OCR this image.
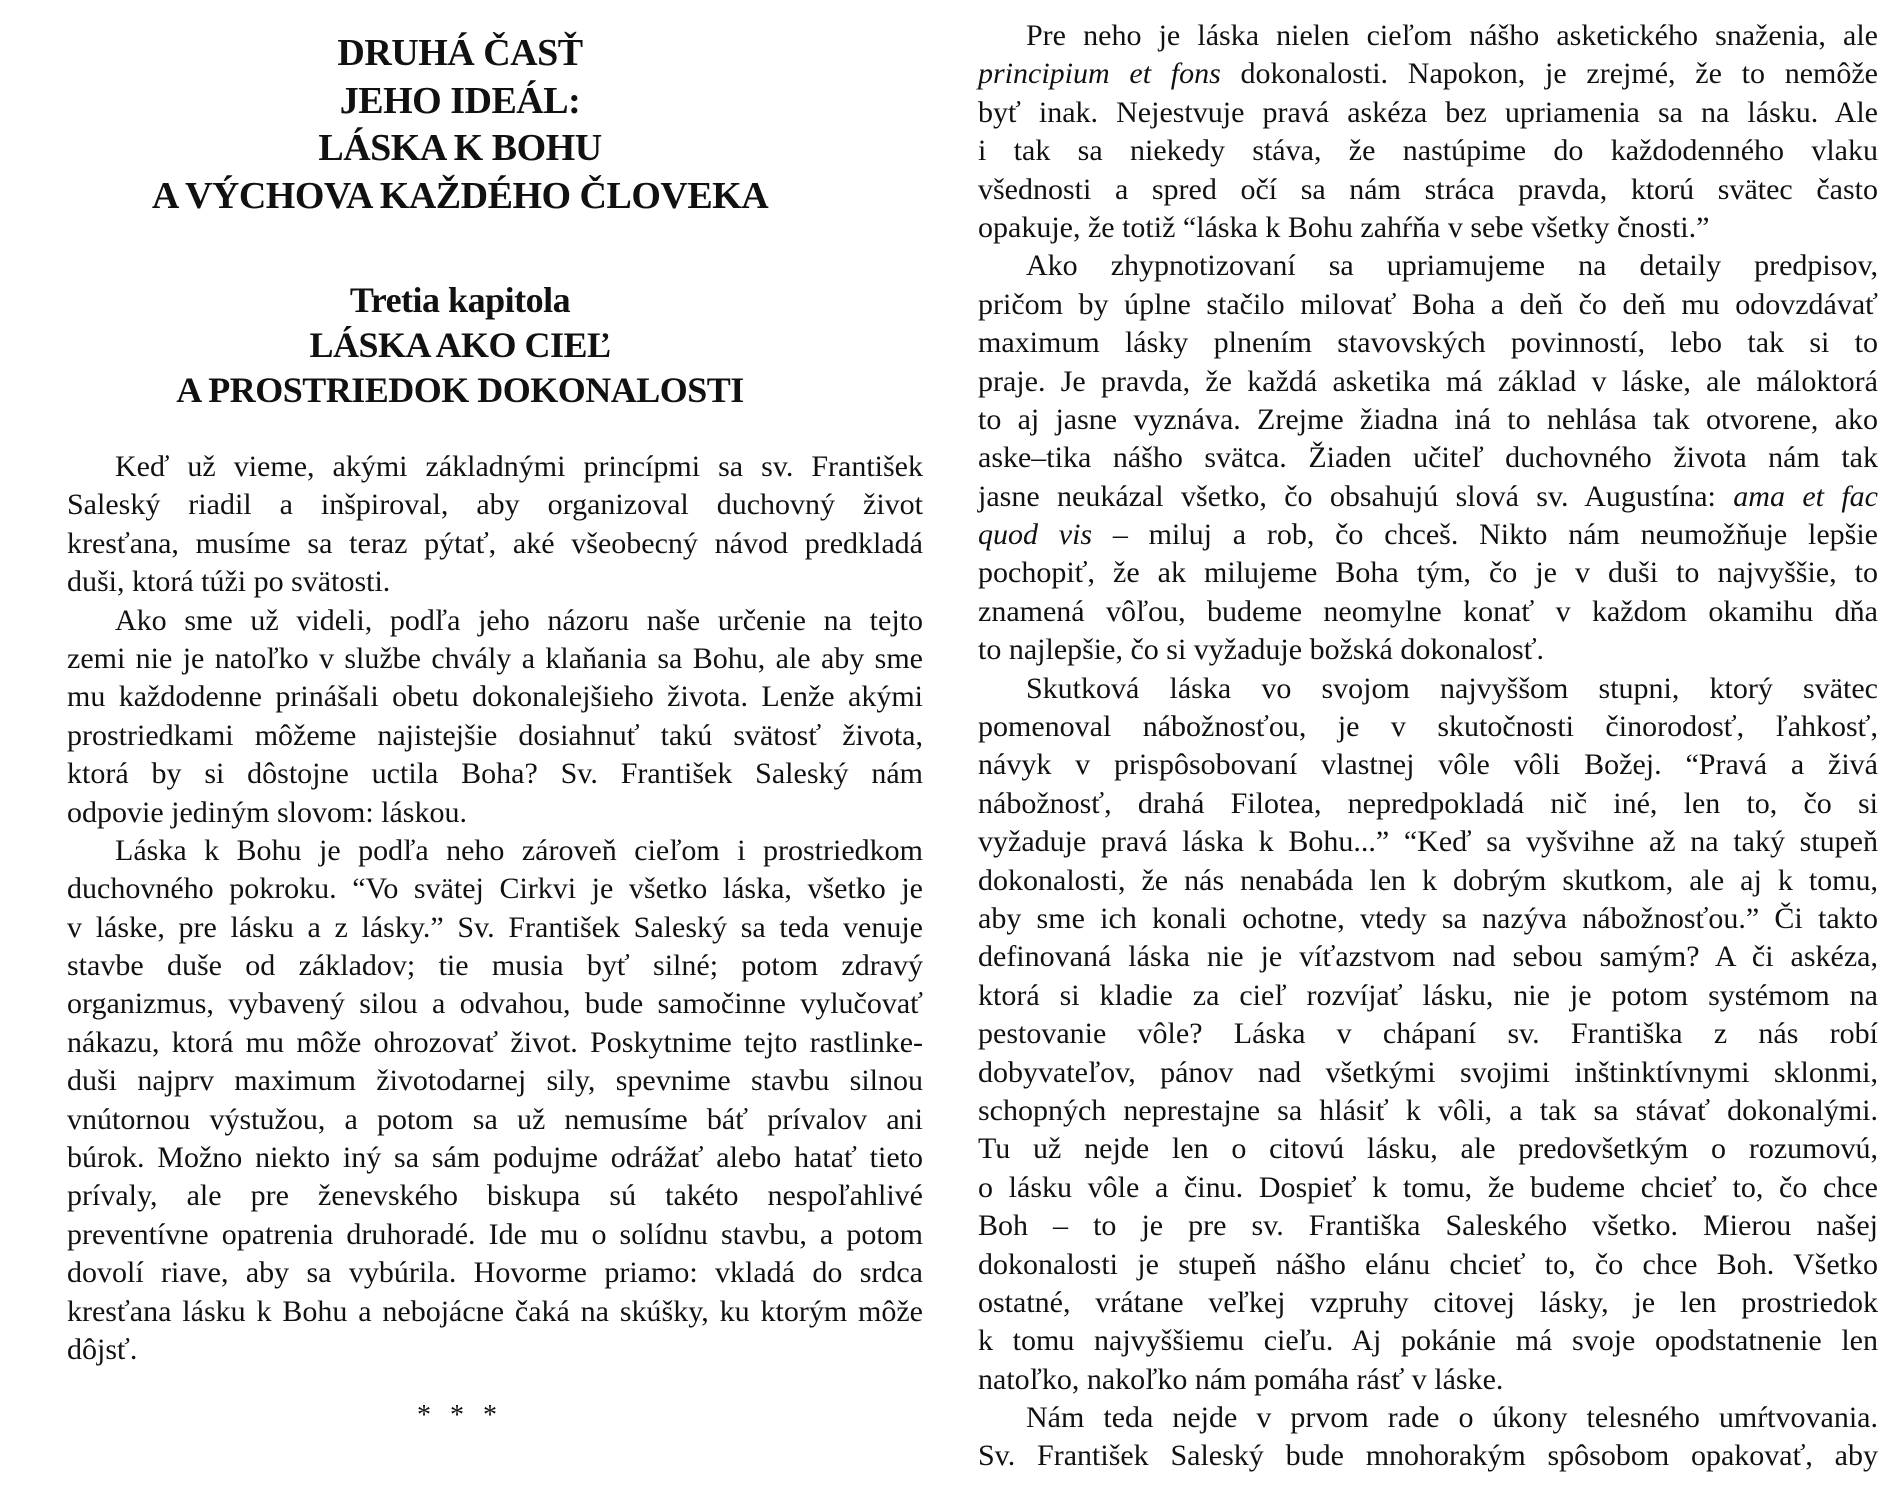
DRUHÁ ČASŤ
JEHO IDEÁL:
LÁSKA K BOHU
A VÝCHOVA KAŽDÉHO ČLOVEKA
Tretia kapitola
LÁSKA AKO CIEĽ
A PROSTRIEDOK DOKONALOSTI
Keď už vieme, akými základnými princípmi sa sv. František
Saleský riadil a inšpiroval, aby organizoval duchovný život
kresťana, musíme sa teraz pýtať, aké všeobecný návod predkladá
duši, ktorá túži po svätosti.
Ako sme už videli, podľa jeho názoru naše určenie na tejto
zemi nie je natoľko v službe chvály a klaňania sa Bohu, ale aby sme
mu každodenne prinášali obetu dokonalejšieho života. Lenže akými
prostriedkami môžeme najistejšie dosiahnuť takú svätosť života,
ktorá by si dôstojne uctila Boha? Sv. František Saleský nám
odpovie jediným slovom: láskou.
Láska k Bohu je podľa neho zároveň cieľom i prostriedkom
duchovného pokroku. “Vo svätej Cirkvi je všetko láska, všetko je
v láske, pre lásku a z lásky.” Sv. František Saleský sa teda venuje
stavbe duše od základov; tie musia byť silné; potom zdravý
organizmus, vybavený silou a odvahou, bude samočinne vylučovať
nákazu, ktorá mu môže ohrozovať život. Poskytnime tejto rastlinke-
duši najprv maximum životodarnej sily, spevnime stavbu silnou
vnútornou výstužou, a potom sa už nemusíme báť prívalov ani
búrok. Možno niekto iný sa sám podujme odrážať alebo hatať tieto
prívaly, ale pre ženevského biskupa sú takéto nespoľahlivé
preventívne opatrenia druhoradé. Ide mu o solídnu stavbu, a potom
dovolí riave, aby sa vybúrila. Hovorme priamo: vkladá do srdca
kresťana lásku k Bohu a nebojácne čaká na skúšky, ku ktorým môže
dôjsť.
* * *
Pre neho je láska nielen cieľom nášho asketického snaženia, ale
principium et fons dokonalosti. Napokon, je zrejmé, že to nemôže
byť inak. Nejestvuje pravá askéza bez upriamenia sa na lásku. Ale
i tak sa niekedy stáva, že nastúpime do každodenného vlaku
všednosti a spred očí sa nám stráca pravda, ktorú svätec často
opakuje, že totiž “láska k Bohu zahŕňa v sebe všetky čnosti.”
Ako zhypnotizovaní sa upriamujeme na detaily predpisov,
pričom by úplne stačilo milovať Boha a deň čo deň mu odovzdávať
maximum lásky plnením stavovských povinností, lebo tak si to
praje. Je pravda, že každá asketika má základ v láske, ale máloktorá
to aj jasne vyznáva. Zrejme žiadna iná to nehlása tak otvorene, ako
aske–tika nášho svätca. Žiaden učiteľ duchovného života nám tak
jasne neukázal všetko, čo obsahujú slová sv. Augustína: ama et fac
quod vis – miluj a rob, čo chceš. Nikto nám neumožňuje lepšie
pochopiť, že ak milujeme Boha tým, čo je v duši to najvyššie, to
znamená vôľou, budeme neomylne konať v každom okamihu dňa
to najlepšie, čo si vyžaduje božská dokonalosť.
Skutková láska vo svojom najvyššom stupni, ktorý svätec
pomenoval nábožnosťou, je v skutočnosti činorodosť, ľahkosť,
návyk v prispôsobovaní vlastnej vôle vôli Božej. “Pravá a živá
nábožnosť, drahá Filotea, nepredpokladá nič iné, len to, čo si
vyžaduje pravá láska k Bohu...” “Keď sa vyšvihne až na taký stupeň
dokonalosti, že nás nenabáda len k dobrým skutkom, ale aj k tomu,
aby sme ich konali ochotne, vtedy sa nazýva nábožnosťou.” Či takto
definovaná láska nie je víťazstvom nad sebou samým? A či askéza,
ktorá si kladie za cieľ rozvíjať lásku, nie je potom systémom na
pestovanie vôle? Láska v chápaní sv. Františka z nás robí
dobyvateľov, pánov nad všetkými svojimi inštinktívnymi sklonmi,
schopných neprestajne sa hlásiť k vôli, a tak sa stávať dokonalými.
Tu už nejde len o citovú lásku, ale predovšetkým o rozumovú,
o lásku vôle a činu. Dospieť k tomu, že budeme chcieť to, čo chce
Boh – to je pre sv. Františka Saleského všetko. Mierou našej
dokonalosti je stupeň nášho elánu chcieť to, čo chce Boh. Všetko
ostatné, vrátane veľkej vzpruhy citovej lásky, je len prostriedok
k tomu najvyššiemu cieľu. Aj pokánie má svoje opodstatnenie len
natoľko, nakoľko nám pomáha rásť v láske.
Nám teda nejde v prvom rade o úkony telesného umŕtvovania.
Sv. František Saleský bude mnohorakým spôsobom opakovať, aby
